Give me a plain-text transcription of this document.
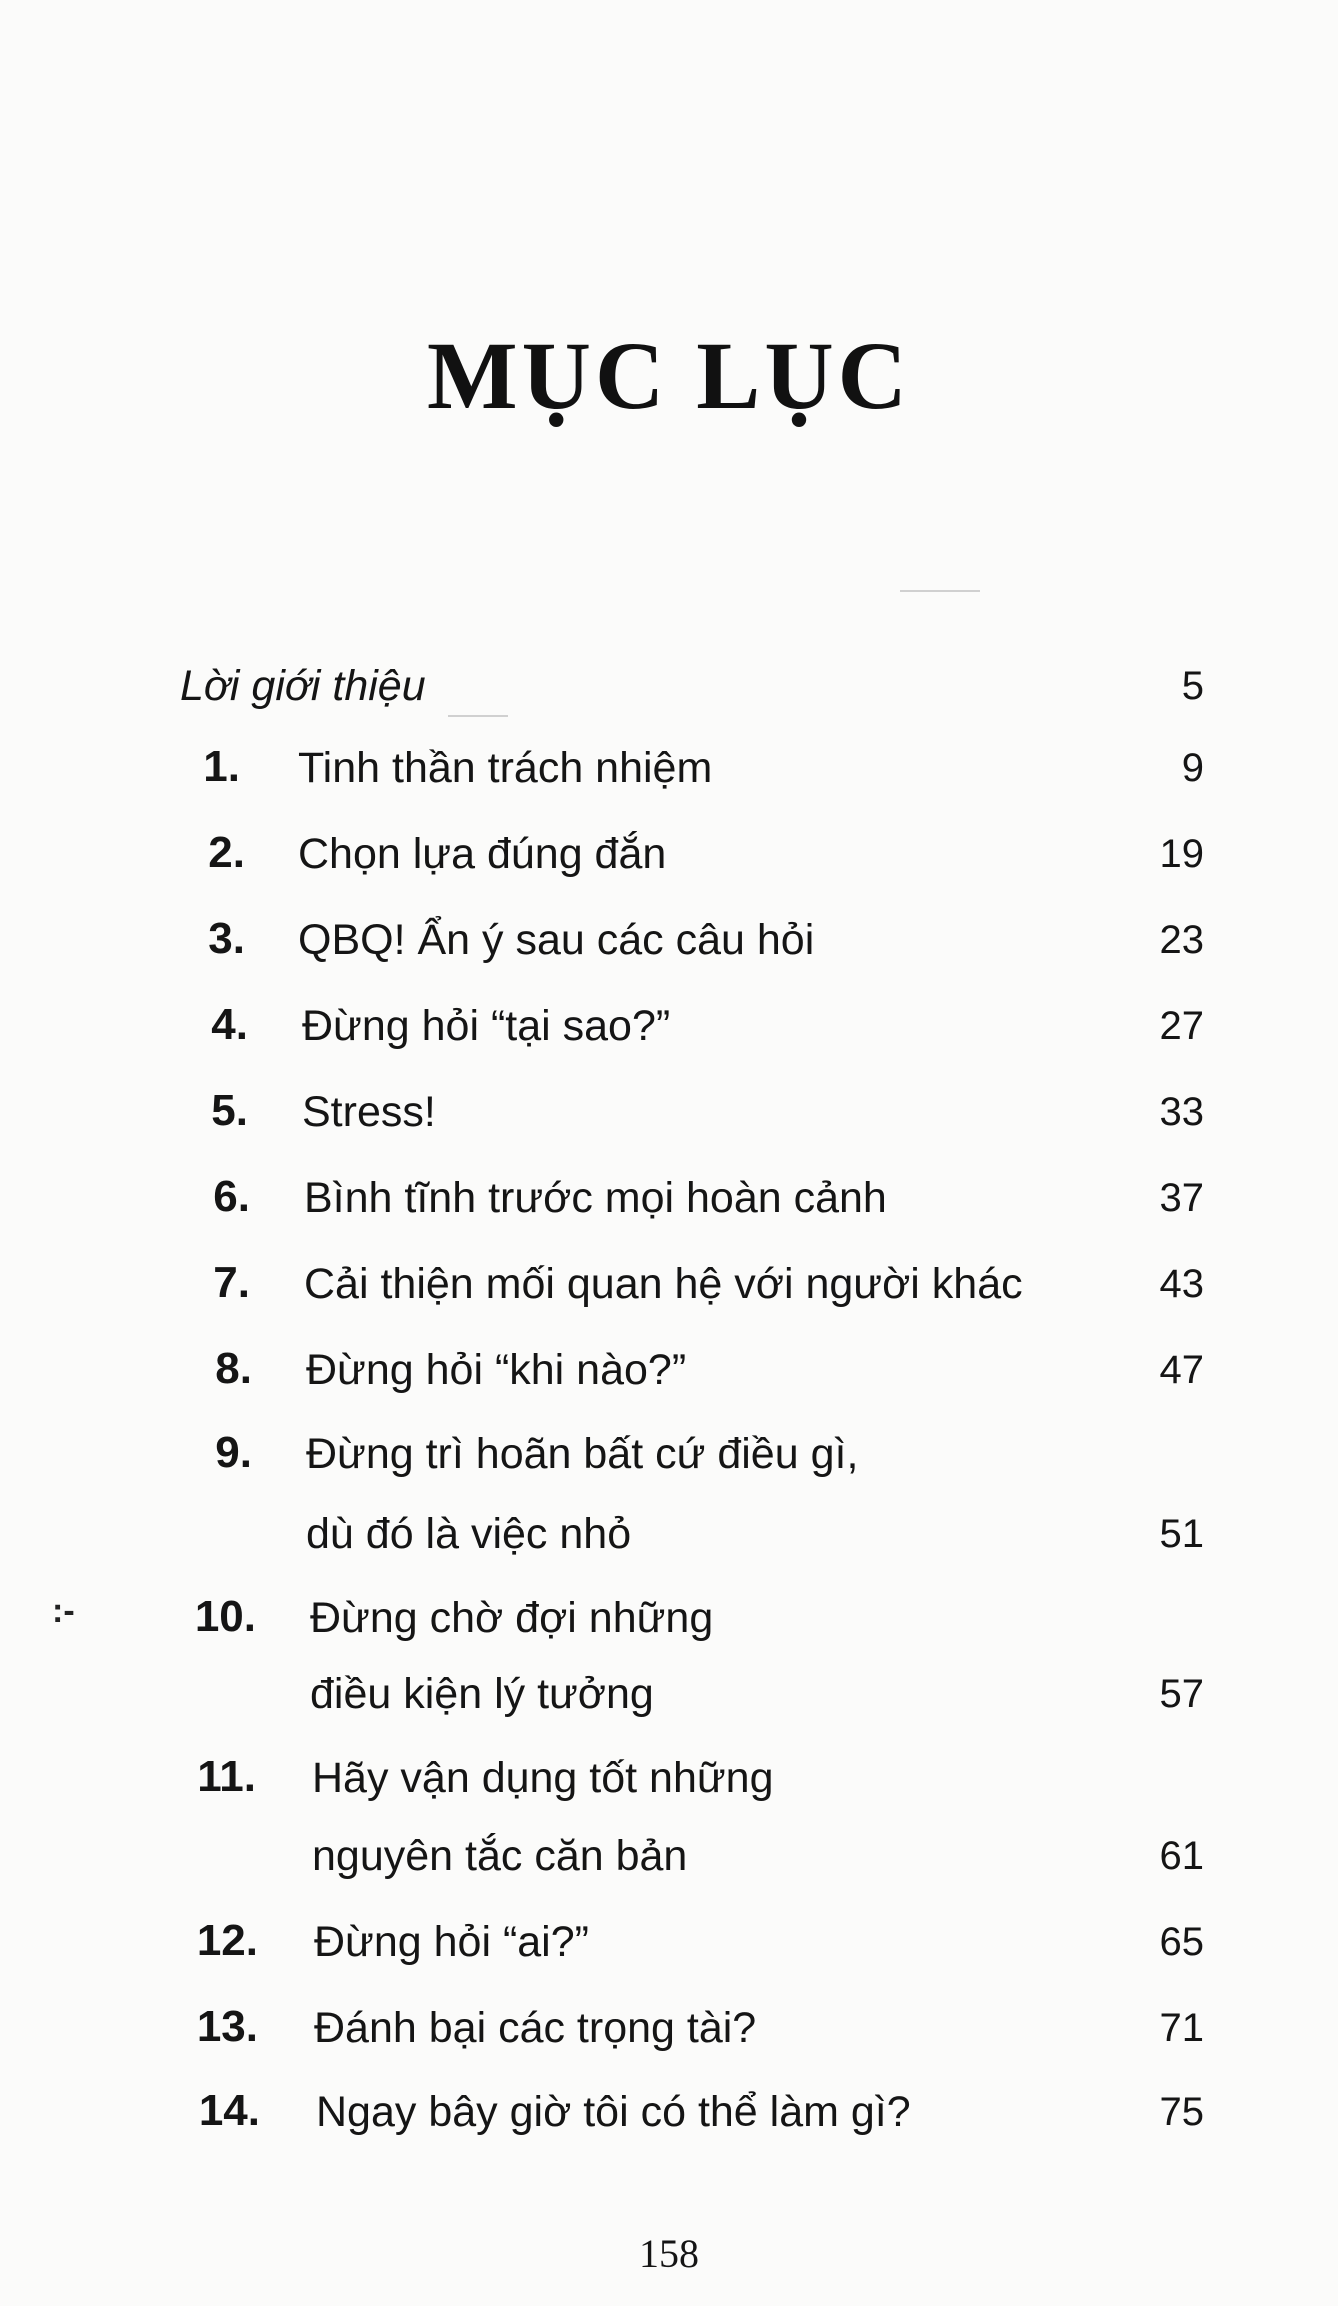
MỤC LỤC
Lời giới thiệu	5
1. Tinh thần trách nhiệm	9
2. Chọn lựa đúng đắn	19
3. QBQ! Ẩn ý sau các câu hỏi	23
4. Đừng hỏi “tại sao?”	27
5. Stress!	33
6. Bình tĩnh trước mọi hoàn cảnh	37
7. Cải thiện mối quan hệ với người khác	43
8. Đừng hỏi “khi nào?”	47
9. Đừng trì hoãn bất cứ điều gì,
dù đó là việc nhỏ	51
10. Đừng chờ đợi những
điều kiện lý tưởng	57
11. Hãy vận dụng tốt những
nguyên tắc căn bản	61
12. Đừng hỏi “ai?”	65
13. Đánh bại các trọng tài?	71
14. Ngay bây giờ tôi có thể làm gì?	75
:-
158
